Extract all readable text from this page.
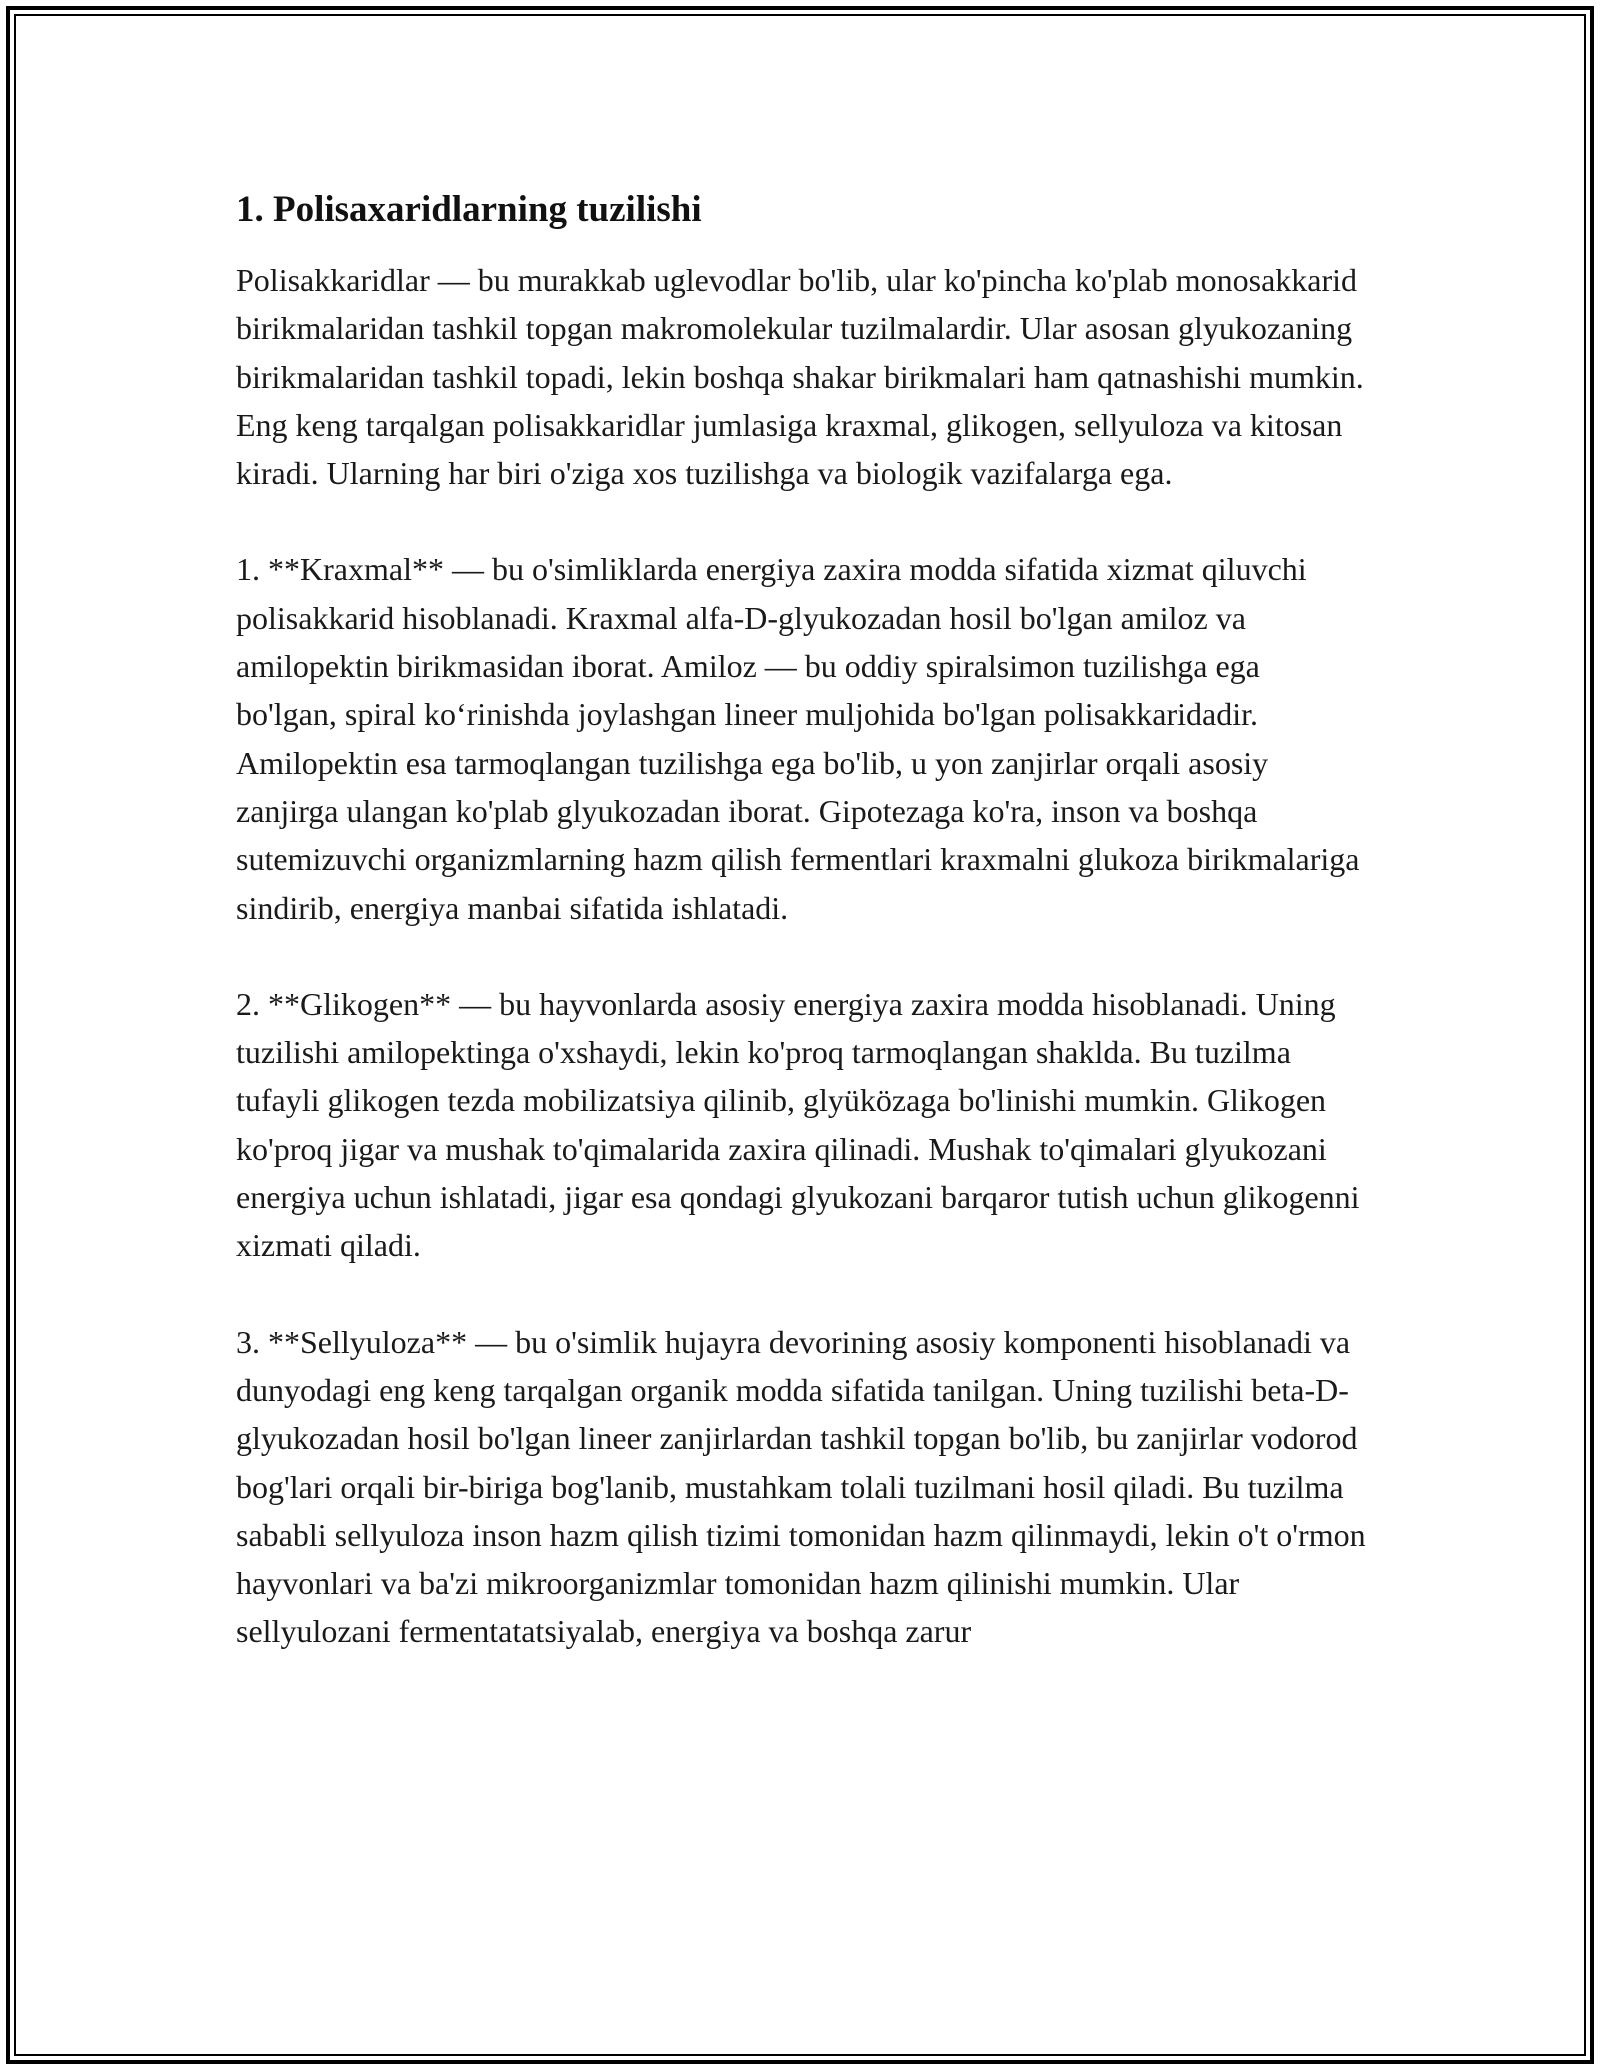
1. Polisaxaridlarning tuzilishi

Polisakkaridlar — bu murakkab uglevodlar bo'lib, ular ko'pincha ko'plab monosakkarid birikmalaridan tashkil topgan makromolekular tuzilmalardir. Ular asosan glyukozaning birikmalaridan tashkil topadi, lekin boshqa shakar birikmalari ham qatnashishi mumkin. Eng keng tarqalgan polisakkaridlar jumlasiga kraxmal, glikogen, sellyuloza va kitosan kiradi. Ularning har biri o'ziga xos tuzilishga va biologik vazifalarga ega.

1. **Kraxmal** — bu o'simliklarda energiya zaxira modda sifatida xizmat qiluvchi polisakkarid hisoblanadi. Kraxmal alfa-D-glyukozadan hosil bo'lgan amiloz va amilopektin birikmasidan iborat. Amiloz — bu oddiy spiralsimon tuzilishga ega bo'lgan, spiral ko‘rinishda joylashgan lineer muljohida bo'lgan polisakkaridadir. Amilopektin esa tarmoqlangan tuzilishga ega bo'lib, u yon zanjirlar orqali asosiy zanjirga ulangan ko'plab glyukozadan iborat. Gipotezaga ko'ra, inson va boshqa sutemizuvchi organizmlarning hazm qilish fermentlari kraxmalni glukoza birikmalariga sindirib, energiya manbai sifatida ishlatadi.

2. **Glikogen** — bu hayvonlarda asosiy energiya zaxira modda hisoblanadi. Uning tuzilishi amilopektinga o'xshaydi, lekin ko'proq tarmoqlangan shaklda. Bu tuzilma tufayli glikogen tezda mobilizatsiya qilinib, glyüközaga bo'linishi mumkin. Glikogen ko'proq jigar va mushak to'qimalarida zaxira qilinadi. Mushak to'qimalari glyukozani energiya uchun ishlatadi, jigar esa qondagi glyukozani barqaror tutish uchun glikogenni xizmati qiladi.

3. **Sellyuloza** — bu o'simlik hujayra devorining asosiy komponenti hisoblanadi va dunyodagi eng keng tarqalgan organik modda sifatida tanilgan. Uning tuzilishi beta-D-glyukozadan hosil bo'lgan lineer zanjirlardan tashkil topgan bo'lib, bu zanjirlar vodorod bog'lari orqali bir-biriga bog'lanib, mustahkam tolali tuzilmani hosil qiladi. Bu tuzilma sababli sellyuloza inson hazm qilish tizimi tomonidan hazm qilinmaydi, lekin o't o'rmon hayvonlari va ba'zi mikroorganizmlar tomonidan hazm qilinishi mumkin. Ular sellyulozani fermentatatsiyalab, energiya va boshqa zarur
